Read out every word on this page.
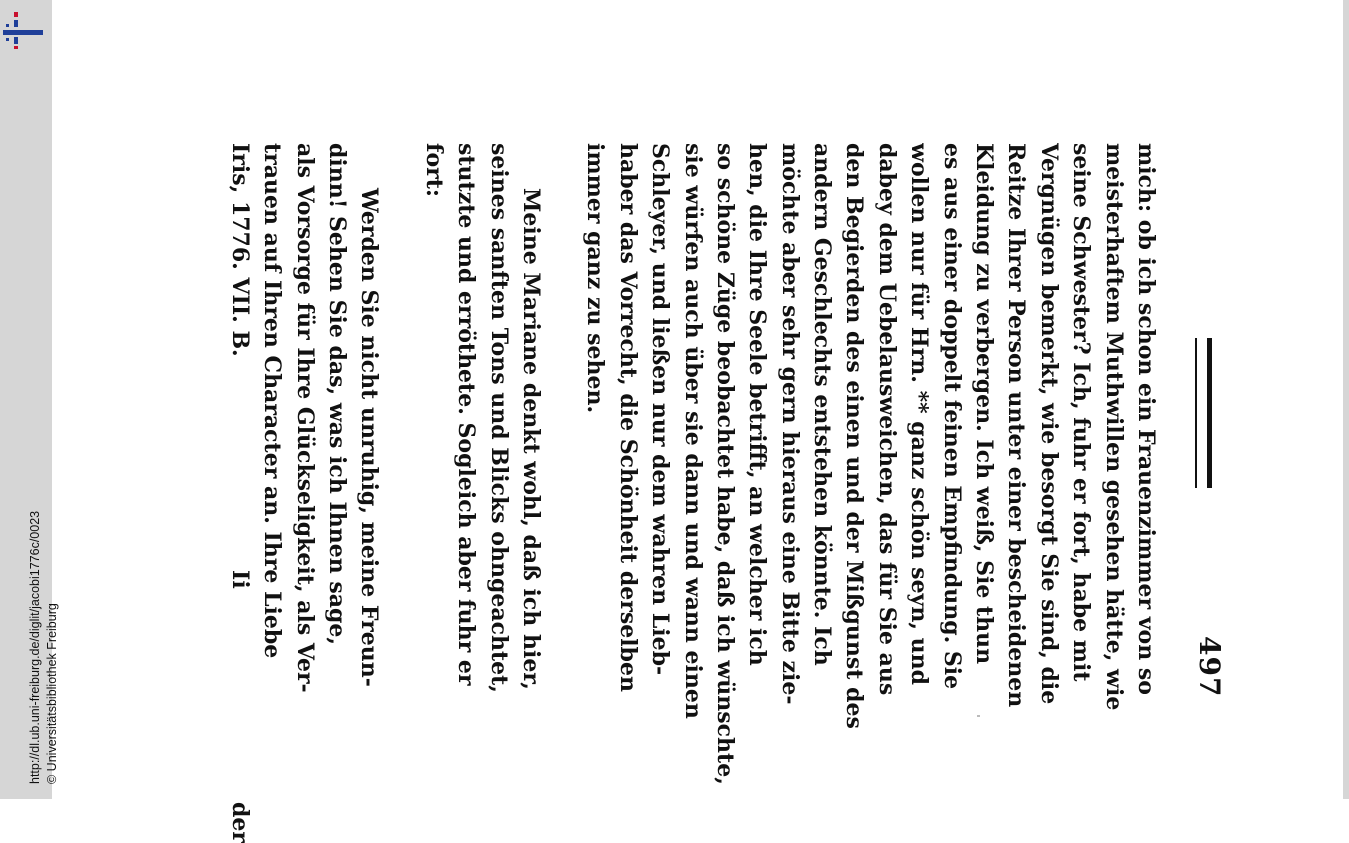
http://dl.ub.uni-freiburg.de/diglit/jacobi1776c/0023 © Universitätsbibliothek Freiburg	497
mich: ob ich schon ein Frauenzimmer von so
meisterhaftem Muthwillen gesehen hätte, wie
seine Schwester? Ich, fuhr er fort, habe mit
Vergnügen bemerkt, wie besorgt Sie sind, die
Reitze Ihrer Person unter einer bescheidenen
Kleidung zu verbergen. Ich weiß, Sie thun
es aus einer doppelt feinen Empfindung. Sie
wollen nur für Hrn. ** ganz schön seyn, und
dabey dem Uebelausweichen, das für Sie aus
den Begierden des einen und der Mißgunst des
andern Geschlechts entstehen könnte. Ich
möchte aber sehr gern hieraus eine Bitte zie-
hen, die Ihre Seele betrifft, an welcher ich
so schöne Züge beobachtet habe, daß ich wünschte,
sie würfen auch über sie dann und wann einen
Schleyer, und ließen nur dem wahren Lieb-
haber das Vorrecht, die Schönheit derselben
immer ganz zu sehen.
Meine Mariane denkt wohl, daß ich hier,
seines sanften Tons und Blicks ohngeachtet,
stutzte und erröthete. Sogleich aber fuhr er
fort:
Werden Sie nicht unruhig, meine Freun-
dinn! Sehen Sie das, was ich Ihnen sage,
als Vorsorge für Ihre Glückseligkeit, als Ver-
trauen auf Ihren Character an. Ihre Liebe
Iris, 1776. VII. B.
Ii
der
